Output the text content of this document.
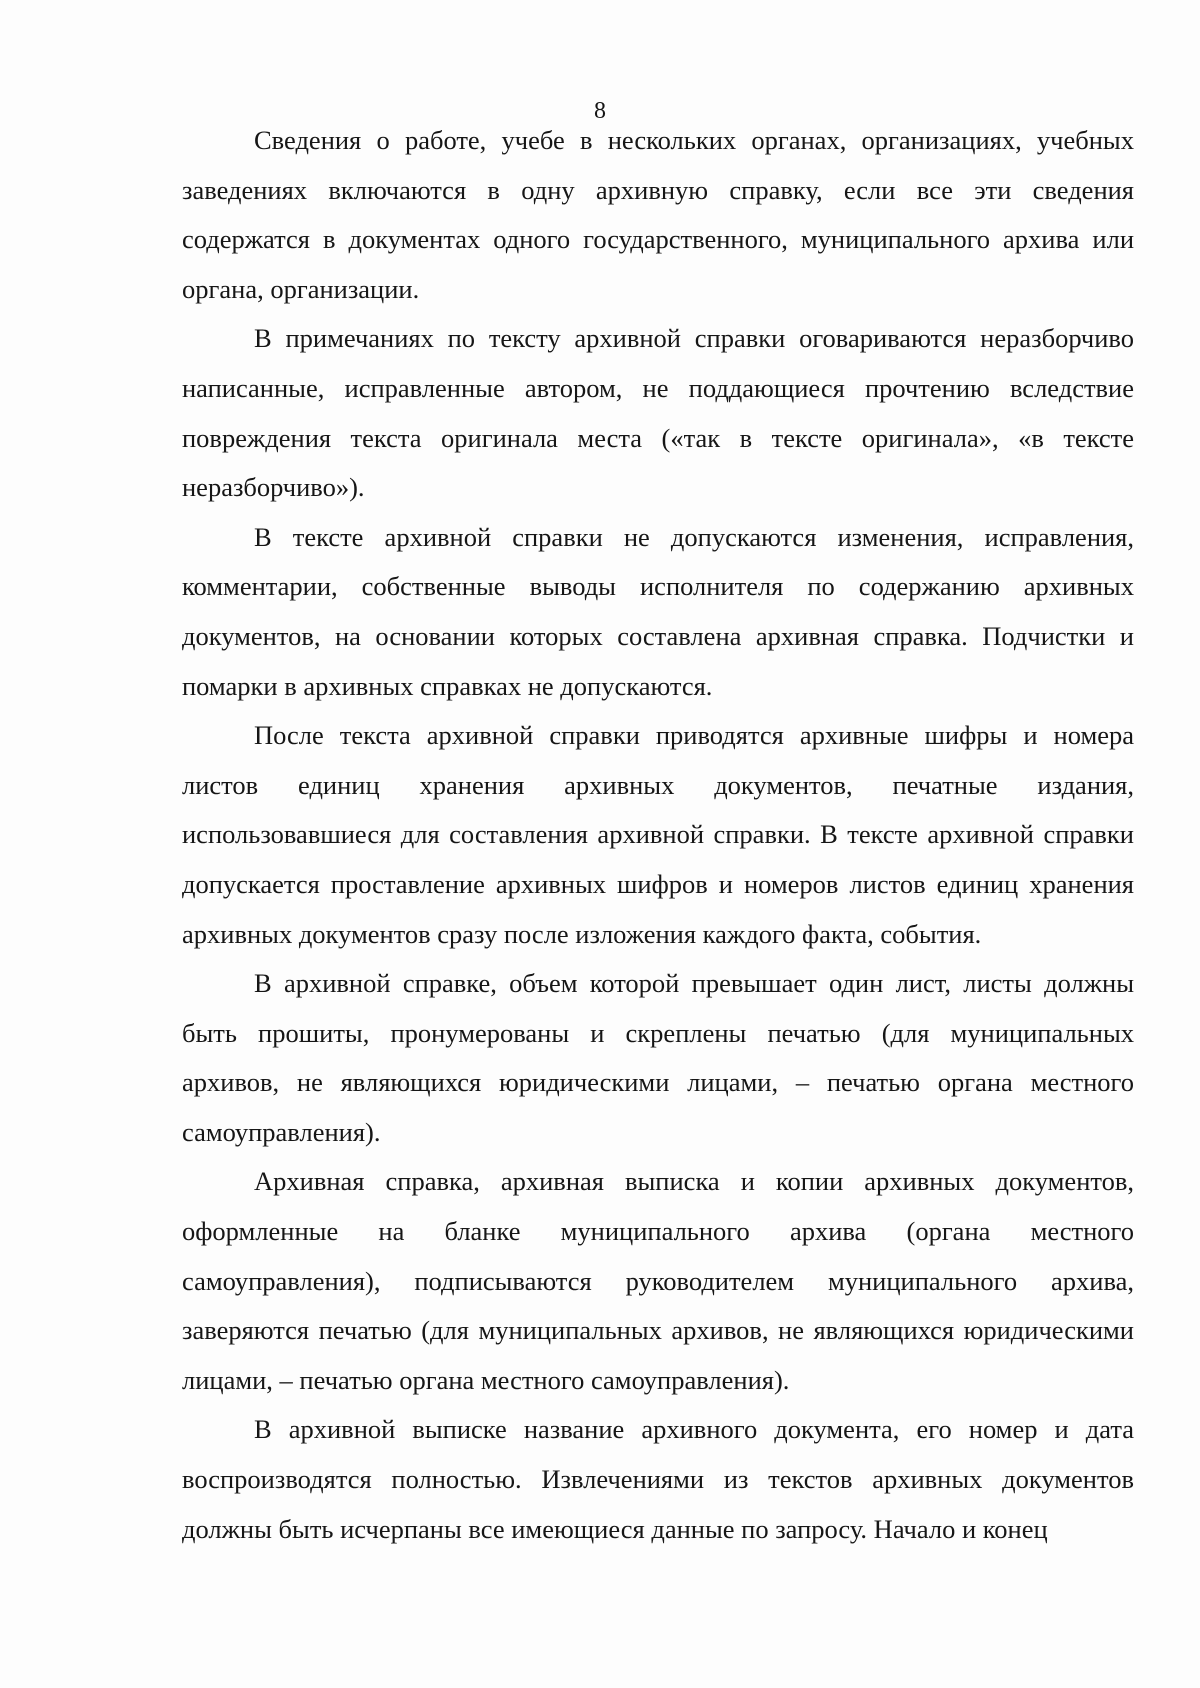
8

Сведения о работе, учебе в нескольких органах, организациях, учебных заведениях включаются в одну архивную справку, если все эти сведения содержатся в документах одного государственного, муниципального архива или органа, организации.

В примечаниях по тексту архивной справки оговариваются неразборчиво написанные, исправленные автором, не поддающиеся прочтению вследствие повреждения текста оригинала места («так в тексте оригинала», «в тексте неразборчиво»).

В тексте архивной справки не допускаются изменения, исправления, комментарии, собственные выводы исполнителя по содержанию архивных документов, на основании которых составлена архивная справка. Подчистки и помарки в архивных справках не допускаются.

После текста архивной справки приводятся архивные шифры и номера листов единиц хранения архивных документов, печатные издания, использовавшиеся для составления архивной справки. В тексте архивной справки допускается проставление архивных шифров и номеров листов единиц хранения архивных документов сразу после изложения каждого факта, события.

В архивной справке, объем которой превышает один лист, листы должны быть прошиты, пронумерованы и скреплены печатью (для муниципальных архивов, не являющихся юридическими лицами, – печатью органа местного самоуправления).

Архивная справка, архивная выписка и копии архивных документов, оформленные на бланке муниципального архива (органа местного самоуправления), подписываются руководителем муниципального архива, заверяются печатью (для муниципальных архивов, не являющихся юридическими лицами, – печатью органа местного самоуправления).

В архивной выписке название архивного документа, его номер и дата воспроизводятся полностью. Извлечениями из текстов архивных документов должны быть исчерпаны все имеющиеся данные по запросу. Начало и конец
